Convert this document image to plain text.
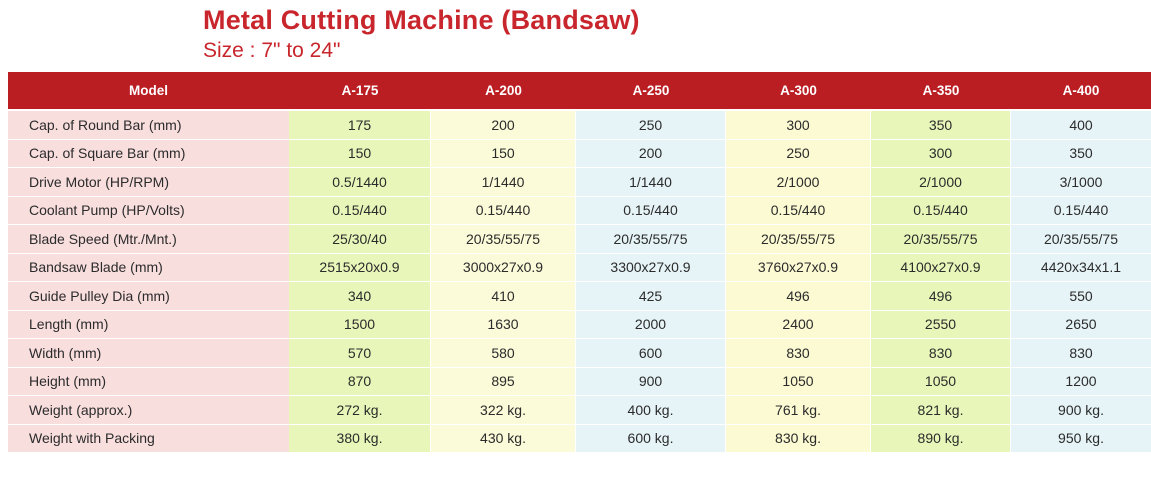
Metal Cutting Machine (Bandsaw)
Size : 7" to 24"
Model	A-175	A-200	A-250	A-300	A-350	A-400
Cap. of Round Bar (mm)	175	200	250	300	350	400
Cap. of Square Bar (mm)	150	150	200	250	300	350
Drive Motor (HP/RPM)	0.5/1440	1/1440	1/1440	2/1000	2/1000	3/1000
Coolant Pump (HP/Volts)	0.15/440	0.15/440	0.15/440	0.15/440	0.15/440	0.15/440
Blade Speed (Mtr./Mnt.)	25/30/40	20/35/55/75	20/35/55/75	20/35/55/75	20/35/55/75	20/35/55/75
Bandsaw Blade (mm)	2515x20x0.9	3000x27x0.9	3300x27x0.9	3760x27x0.9	4100x27x0.9	4420x34x1.1
Guide Pulley Dia (mm)	340	410	425	496	496	550
Length (mm)	1500	1630	2000	2400	2550	2650
Width (mm)	570	580	600	830	830	830
Height (mm)	870	895	900	1050	1050	1200
Weight (approx.)	272 kg.	322 kg.	400 kg.	761 kg.	821 kg.	900 kg.
Weight with Packing	380 kg.	430 kg.	600 kg.	830 kg.	890 kg.	950 kg.
